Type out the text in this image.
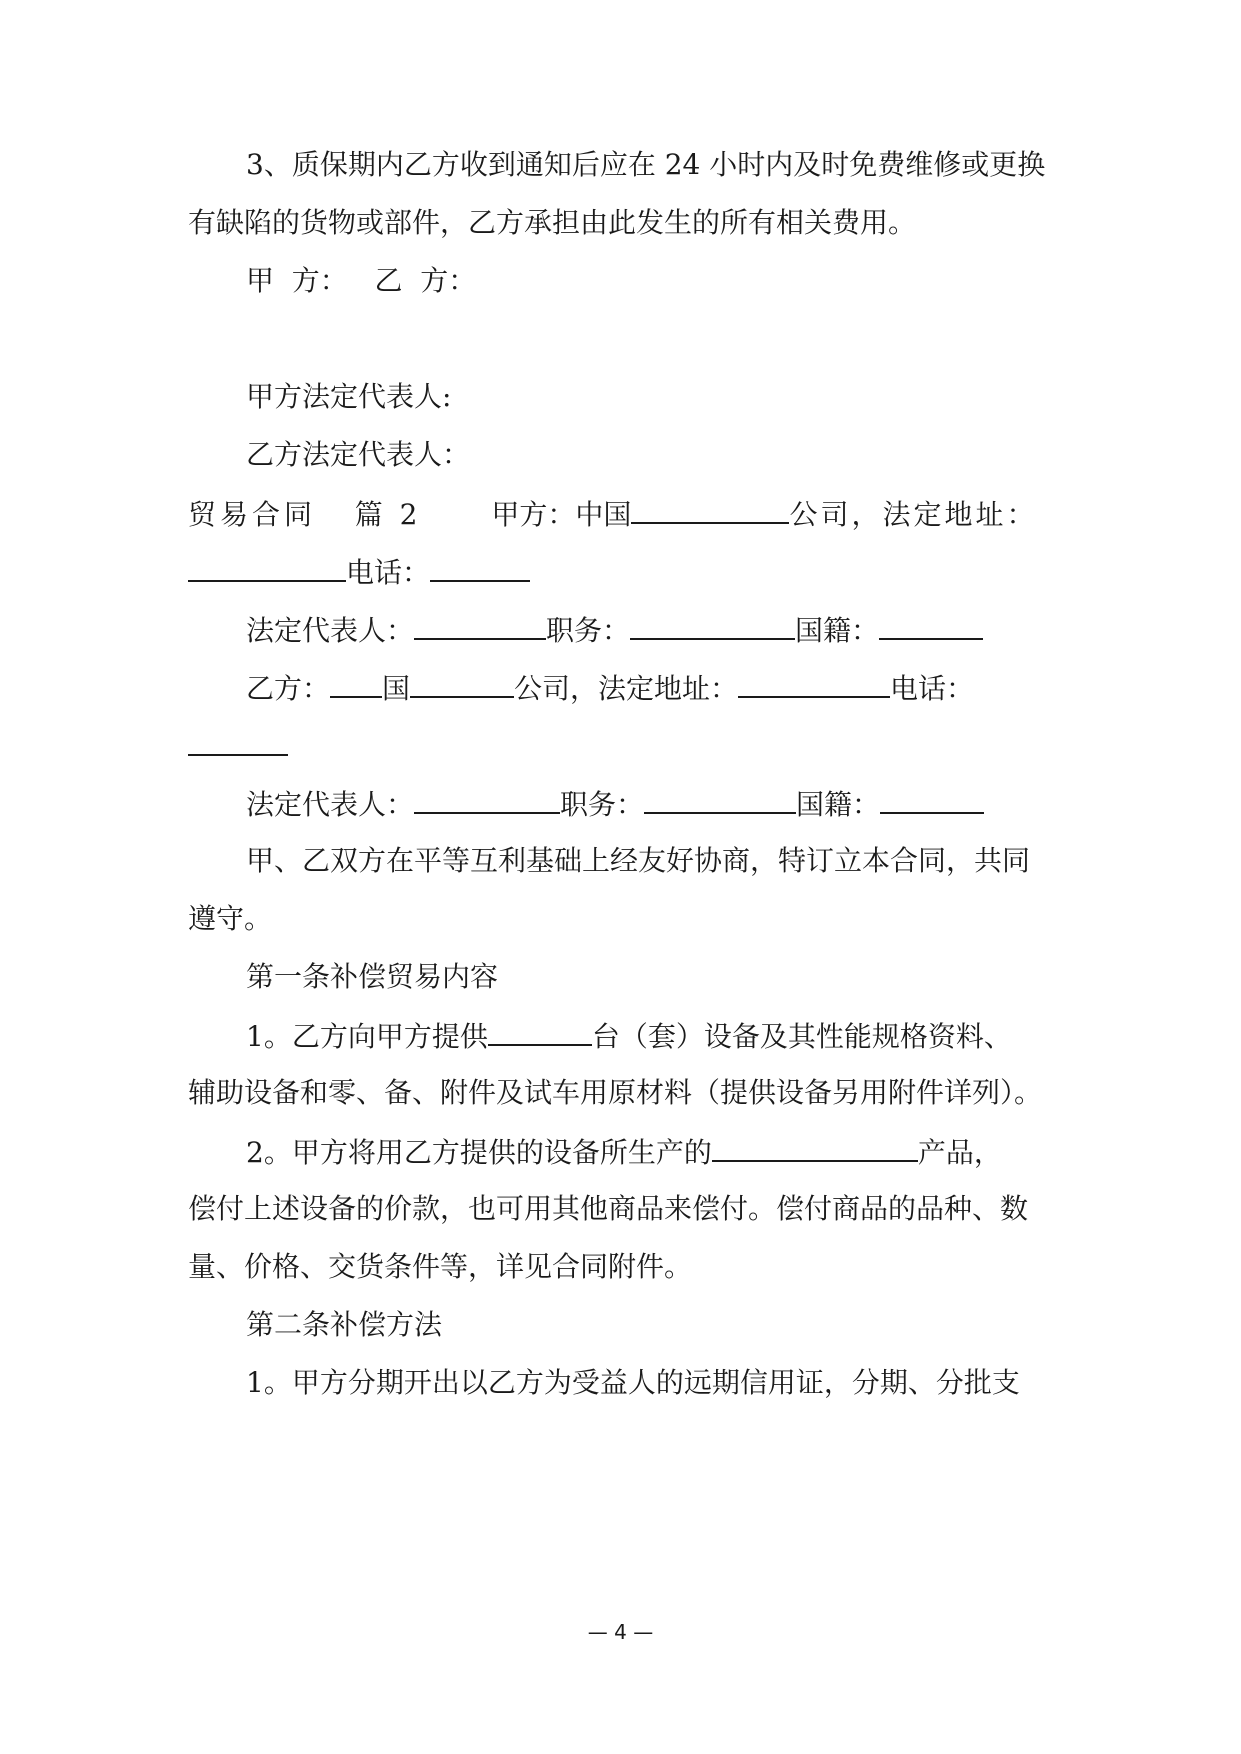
3、质保期内乙方收到通知后应在 24 小时内及时免费维修或更换
有缺陷的货物或部件，乙方承担由此发生的所有相关费用。
甲  方：   乙  方：
甲方法定代表人:
乙方法定代表人：
贸易合同   篇 2	甲方：中国	公司，法定地址：
电话：
法定代表人：	职务：	国籍：
乙方： 国	公司，法定地址：	电话：
法定代表人：	职务：	国籍：
甲、乙双方在平等互利基础上经友好协商，特订立本合同，共同
遵守。
第一条补偿贸易内容
1。乙方向甲方提供	台（套）设备及其性能规格资料、
辅助设备和零、备、附件及试车用原材料（提供设备另用附件详列）。
2。甲方将用乙方提供的设备所生产的	产品，
偿付上述设备的价款，也可用其他商品来偿付。偿付商品的品种、数
量、价格、交货条件等，详见合同附件。
第二条补偿方法
1。甲方分期开出以乙方为受益人的远期信用证，分期、分批支
— 4 —
